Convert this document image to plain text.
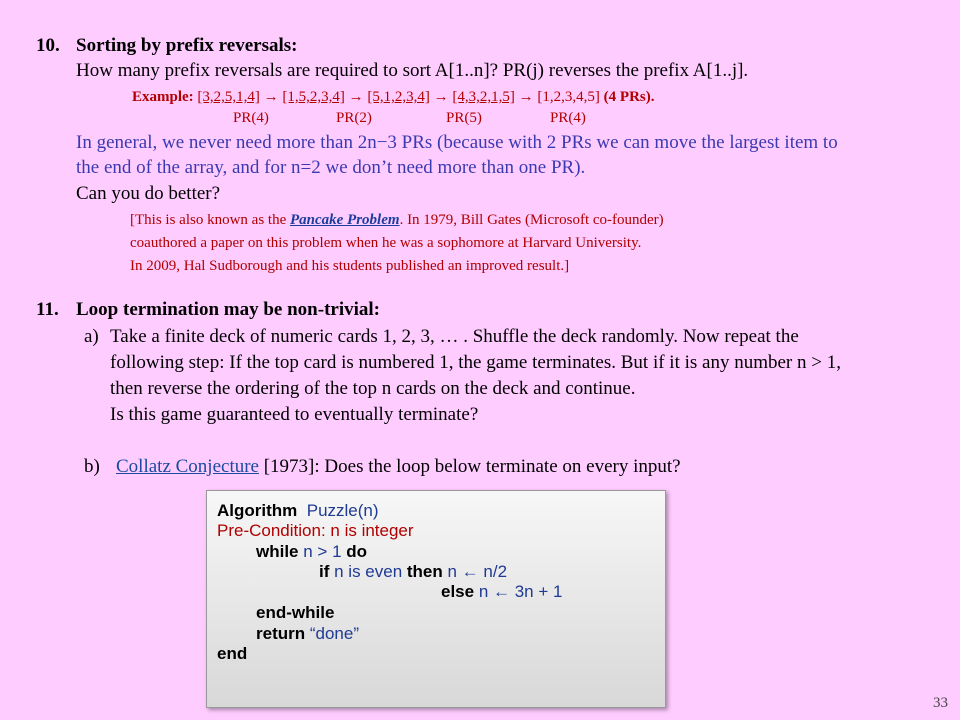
10. Sorting by prefix reversals:
How many prefix reversals are required to sort A[1..n]? PR(j) reverses the prefix A[1..j].
Example: [3,2,5,1,4] → [1,5,2,3,4] → [5,1,2,3,4] → [4,3,2,1,5] → [1,2,3,4,5] (4 PRs).
PR(4)	PR(2)	PR(5)	PR(4)
In general, we never need more than 2n−3 PRs (because with 2 PRs we can move the largest item to
the end of the array, and for n=2 we don’t need more than one PR).
Can you do better?
[This is also known as the Pancake Problem. In 1979, Bill Gates (Microsoft co-founder)
coauthored a paper on this problem when he was a sophomore at Harvard University.
In 2009, Hal Sudborough and his students published an improved result.]
11. Loop termination may be non-trivial:
a) Take a finite deck of numeric cards 1, 2, 3, … . Shuffle the deck randomly. Now repeat the
following step: If the top card is numbered 1, the game terminates. But if it is any number n > 1,
then reverse the ordering of the top n cards on the deck and continue.
Is this game guaranteed to eventually terminate?
b) Collatz Conjecture [1973]: Does the loop below terminate on every input?
Algorithm Puzzle(n)
Pre-Condition: n is integer
while n > 1 do
if n is even then n ← n/2
else n ← 3n + 1
end-while
return “done”
end
33
